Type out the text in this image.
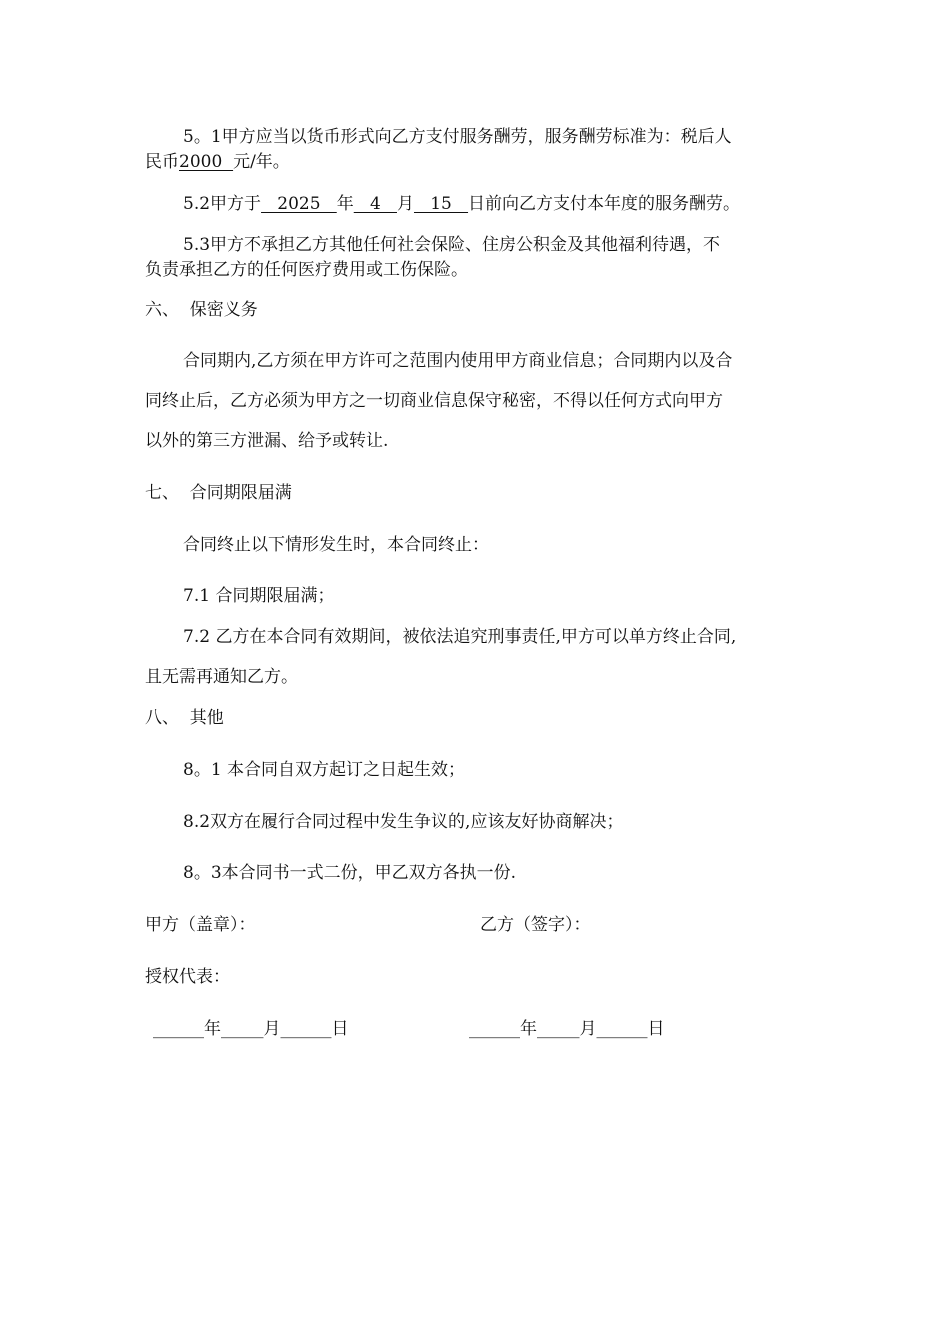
5。1甲方应当以货币形式向乙方支付服务酬劳，服务酬劳标准为：税后人
民币2000  元/年。
5.2甲方于   2025   年   4   月   15   日前向乙方支付本年度的服务酬劳。
5.3甲方不承担乙方其他任何社会保险、住房公积金及其他福利待遇，不
负责承担乙方的任何医疗费用或工伤保险。
六、  保密义务
合同期内,乙方须在甲方许可之范围内使用甲方商业信息；合同期内以及合
同终止后，乙方必须为甲方之一切商业信息保守秘密，不得以任何方式向甲方
以外的第三方泄漏、给予或转让.
七、  合同期限届满
合同终止以下情形发生时，本合同终止：
7.1 合同期限届满；
7.2 乙方在本合同有效期间，被依法追究刑事责任,甲方可以单方终止合同,
且无需再通知乙方。
八、  其他
8。1 本合同自双方起订之日起生效；
8.2双方在履行合同过程中发生争议的,应该友好协商解决；
8。3本合同书一式二份，甲乙双方各执一份.
甲方（盖章）：	乙方（签字）：
授权代表：
______年_____月______日	______年_____月______日
